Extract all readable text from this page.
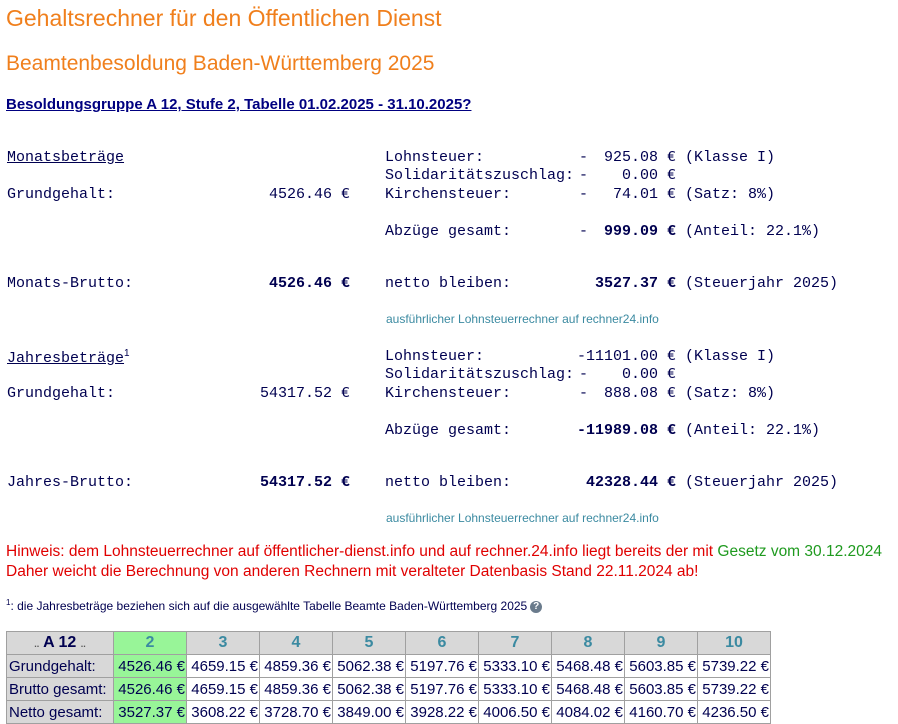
Gehaltsrechner für den Öffentlichen Dienst
Beamtenbesoldung Baden-Württemberg 2025
Besoldungsgruppe A 12, Stufe 2, Tabelle 01.02.2025 - 31.10.2025?
Monatsbeträge
Grundgehalt:	4526.46 €
Lohnsteuer:	-	925.08 € (Klasse I)
Solidaritätszuschlag: -	0.00 €
Kirchensteuer:	-	74.01 € (Satz: 8%)
Abzüge gesamt:	-	999.09 € (Anteil: 22.1%)
Monats-Brutto:	4526.46 € netto bleiben:	3527.37 € (Steuerjahr 2025)
ausführlicher Lohnsteuerrechner auf rechner24.info
Jahresbeträge$^1$
Grundgehalt:	54317.52 €
Lohnsteuer:	-11101.00 € (Klasse I)
Solidaritätszuschlag: -	0.00 €
Kirchensteuer:	-	888.08 € (Satz: 8%)
Abzüge gesamt:	-11989.08 € (Anteil: 22.1%)
Jahres-Brutto:	54317.52 € netto bleiben:	42328.44 € (Steuerjahr 2025)
ausführlicher Lohnsteuerrechner auf rechner24.info
Hinweis: dem Lohnsteuerrechner auf öffentlicher-dienst.info und auf rechner.24.info liegt bereits der mit Gesetz vom 30.12.2024
Daher weicht die Berechnung von anderen Rechnern mit veralteter Datenbasis Stand 22.11.2024 ab!
$^1$: die Jahresbeträge beziehen sich auf die ausgewählte Tabelle Beamte Baden-Württemberg 2025 ?
.. A 12 ..	2	3	4	5	6	7	8	9	10
Grundgehalt:	4526.46 €	4659.15 €	4859.36 €	5062.38 €	5197.76 €	5333.10 €	5468.48 €	5603.85 €	5739.22 €
Brutto gesamt:	4526.46 €	4659.15 €	4859.36 €	5062.38 €	5197.76 €	5333.10 €	5468.48 €	5603.85 €	5739.22 €
Netto gesamt:	3527.37 €	3608.22 €	3728.70 €	3849.00 €	3928.22 €	4006.50 €	4084.02 €	4160.70 €	4236.50 €
